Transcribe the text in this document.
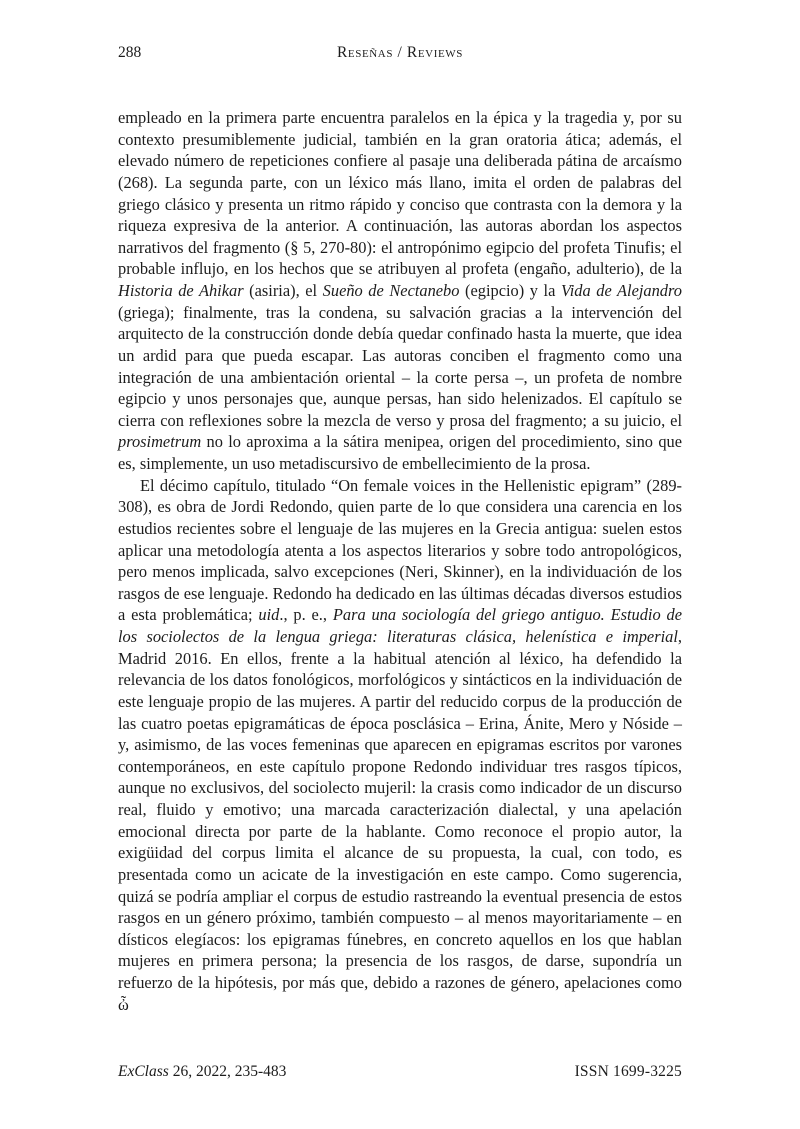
288	Reseñas / Reviews

empleado en la primera parte encuentra paralelos en la épica y la tragedia y, por su contexto presumiblemente judicial, también en la gran oratoria ática; además, el elevado número de repeticiones confiere al pasaje una deliberada pátina de arcaísmo (268). La segunda parte, con un léxico más llano, imita el orden de palabras del griego clásico y presenta un ritmo rápido y conciso que contrasta con la demora y la riqueza expresiva de la anterior. A continuación, las autoras abordan los aspectos narrativos del fragmento (§ 5, 270-80): el antropónimo egipcio del profeta Tinufis; el probable influjo, en los hechos que se atribuyen al profeta (engaño, adulterio), de la Historia de Ahikar (asiria), el Sueño de Nectanebo (egipcio) y la Vida de Alejandro (griega); finalmente, tras la condena, su salvación gracias a la intervención del arquitecto de la construcción donde debía quedar confinado hasta la muerte, que idea un ardid para que pueda escapar. Las autoras conciben el fragmento como una integración de una ambientación oriental – la corte persa –, un profeta de nombre egipcio y unos personajes que, aunque persas, han sido helenizados. El capítulo se cierra con reflexiones sobre la mezcla de verso y prosa del fragmento; a su juicio, el prosimetrum no lo aproxima a la sátira menipea, origen del procedimiento, sino que es, simplemente, un uso metadiscursivo de embellecimiento de la prosa.

El décimo capítulo, titulado “On female voices in the Hellenistic epigram” (289-308), es obra de Jordi Redondo, quien parte de lo que considera una carencia en los estudios recientes sobre el lenguaje de las mujeres en la Grecia antigua: suelen estos aplicar una metodología atenta a los aspectos literarios y sobre todo antropológicos, pero menos implicada, salvo excepciones (Neri, Skinner), en la individuación de los rasgos de ese lenguaje. Redondo ha dedicado en las últimas décadas diversos estudios a esta problemática; uid., p. e., Para una sociología del griego antiguo. Estudio de los sociolectos de la lengua griega: literaturas clásica, helenística e imperial, Madrid 2016. En ellos, frente a la habitual atención al léxico, ha defendido la relevancia de los datos fonológicos, morfológicos y sintácticos en la individuación de este lenguaje propio de las mujeres. A partir del reducido corpus de la producción de las cuatro poetas epigramáticas de época posclásica – Erina, Ánite, Mero y Nóside – y, asimismo, de las voces femeninas que aparecen en epigramas escritos por varones contemporáneos, en este capítulo propone Redondo individuar tres rasgos típicos, aunque no exclusivos, del sociolecto mujeril: la crasis como indicador de un discurso real, fluido y emotivo; una marcada caracterización dialectal, y una apelación emocional directa por parte de la hablante. Como reconoce el propio autor, la exigüidad del corpus limita el alcance de su propuesta, la cual, con todo, es presentada como un acicate de la investigación en este campo. Como sugerencia, quizá se podría ampliar el corpus de estudio rastreando la eventual presencia de estos rasgos en un género próximo, también compuesto – al menos mayoritariamente – en dísticos elegíacos: los epigramas fúnebres, en concreto aquellos en los que hablan mujeres en primera persona; la presencia de los rasgos, de darse, supondría un refuerzo de la hipótesis, por más que, debido a razones de género, apelaciones como ὦ

ExClass 26, 2022, 235-483	ISSN 1699-3225
